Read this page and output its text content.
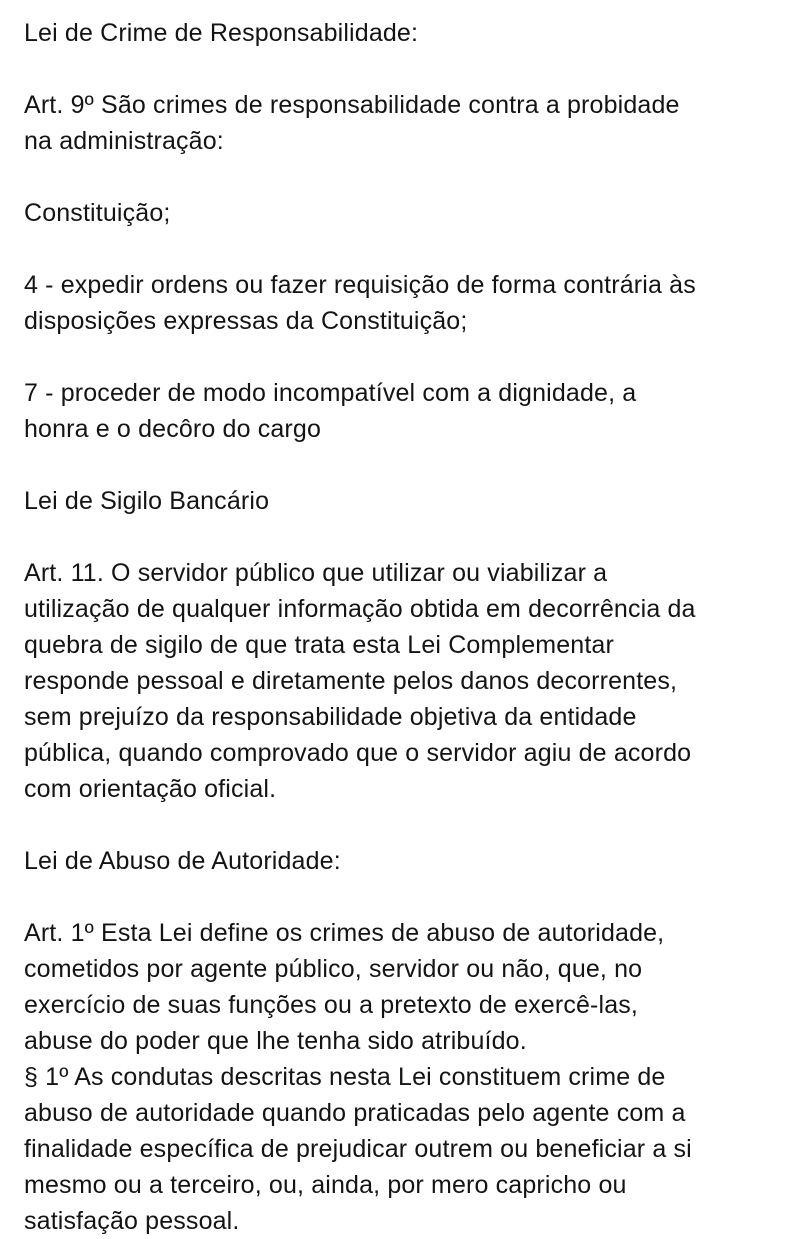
Lei de Crime de Responsabilidade:
Art. 9º São crimes de responsabilidade contra a probidade
na administração:
Constituição;
4 - expedir ordens ou fazer requisição de forma contrária às
disposições expressas da Constituição;
7 - proceder de modo incompatível com a dignidade, a
honra e o decôro do cargo
Lei de Sigilo Bancário
Art. 11. O servidor público que utilizar ou viabilizar a
utilização de qualquer informação obtida em decorrência da
quebra de sigilo de que trata esta Lei Complementar
responde pessoal e diretamente pelos danos decorrentes,
sem prejuízo da responsabilidade objetiva da entidade
pública, quando comprovado que o servidor agiu de acordo
com orientação oficial.
Lei de Abuso de Autoridade:
Art. 1º Esta Lei define os crimes de abuso de autoridade,
cometidos por agente público, servidor ou não, que, no
exercício de suas funções ou a pretexto de exercê-las,
abuse do poder que lhe tenha sido atribuído.
§ 1º As condutas descritas nesta Lei constituem crime de
abuso de autoridade quando praticadas pelo agente com a
finalidade específica de prejudicar outrem ou beneficiar a si
mesmo ou a terceiro, ou, ainda, por mero capricho ou
satisfação pessoal.
